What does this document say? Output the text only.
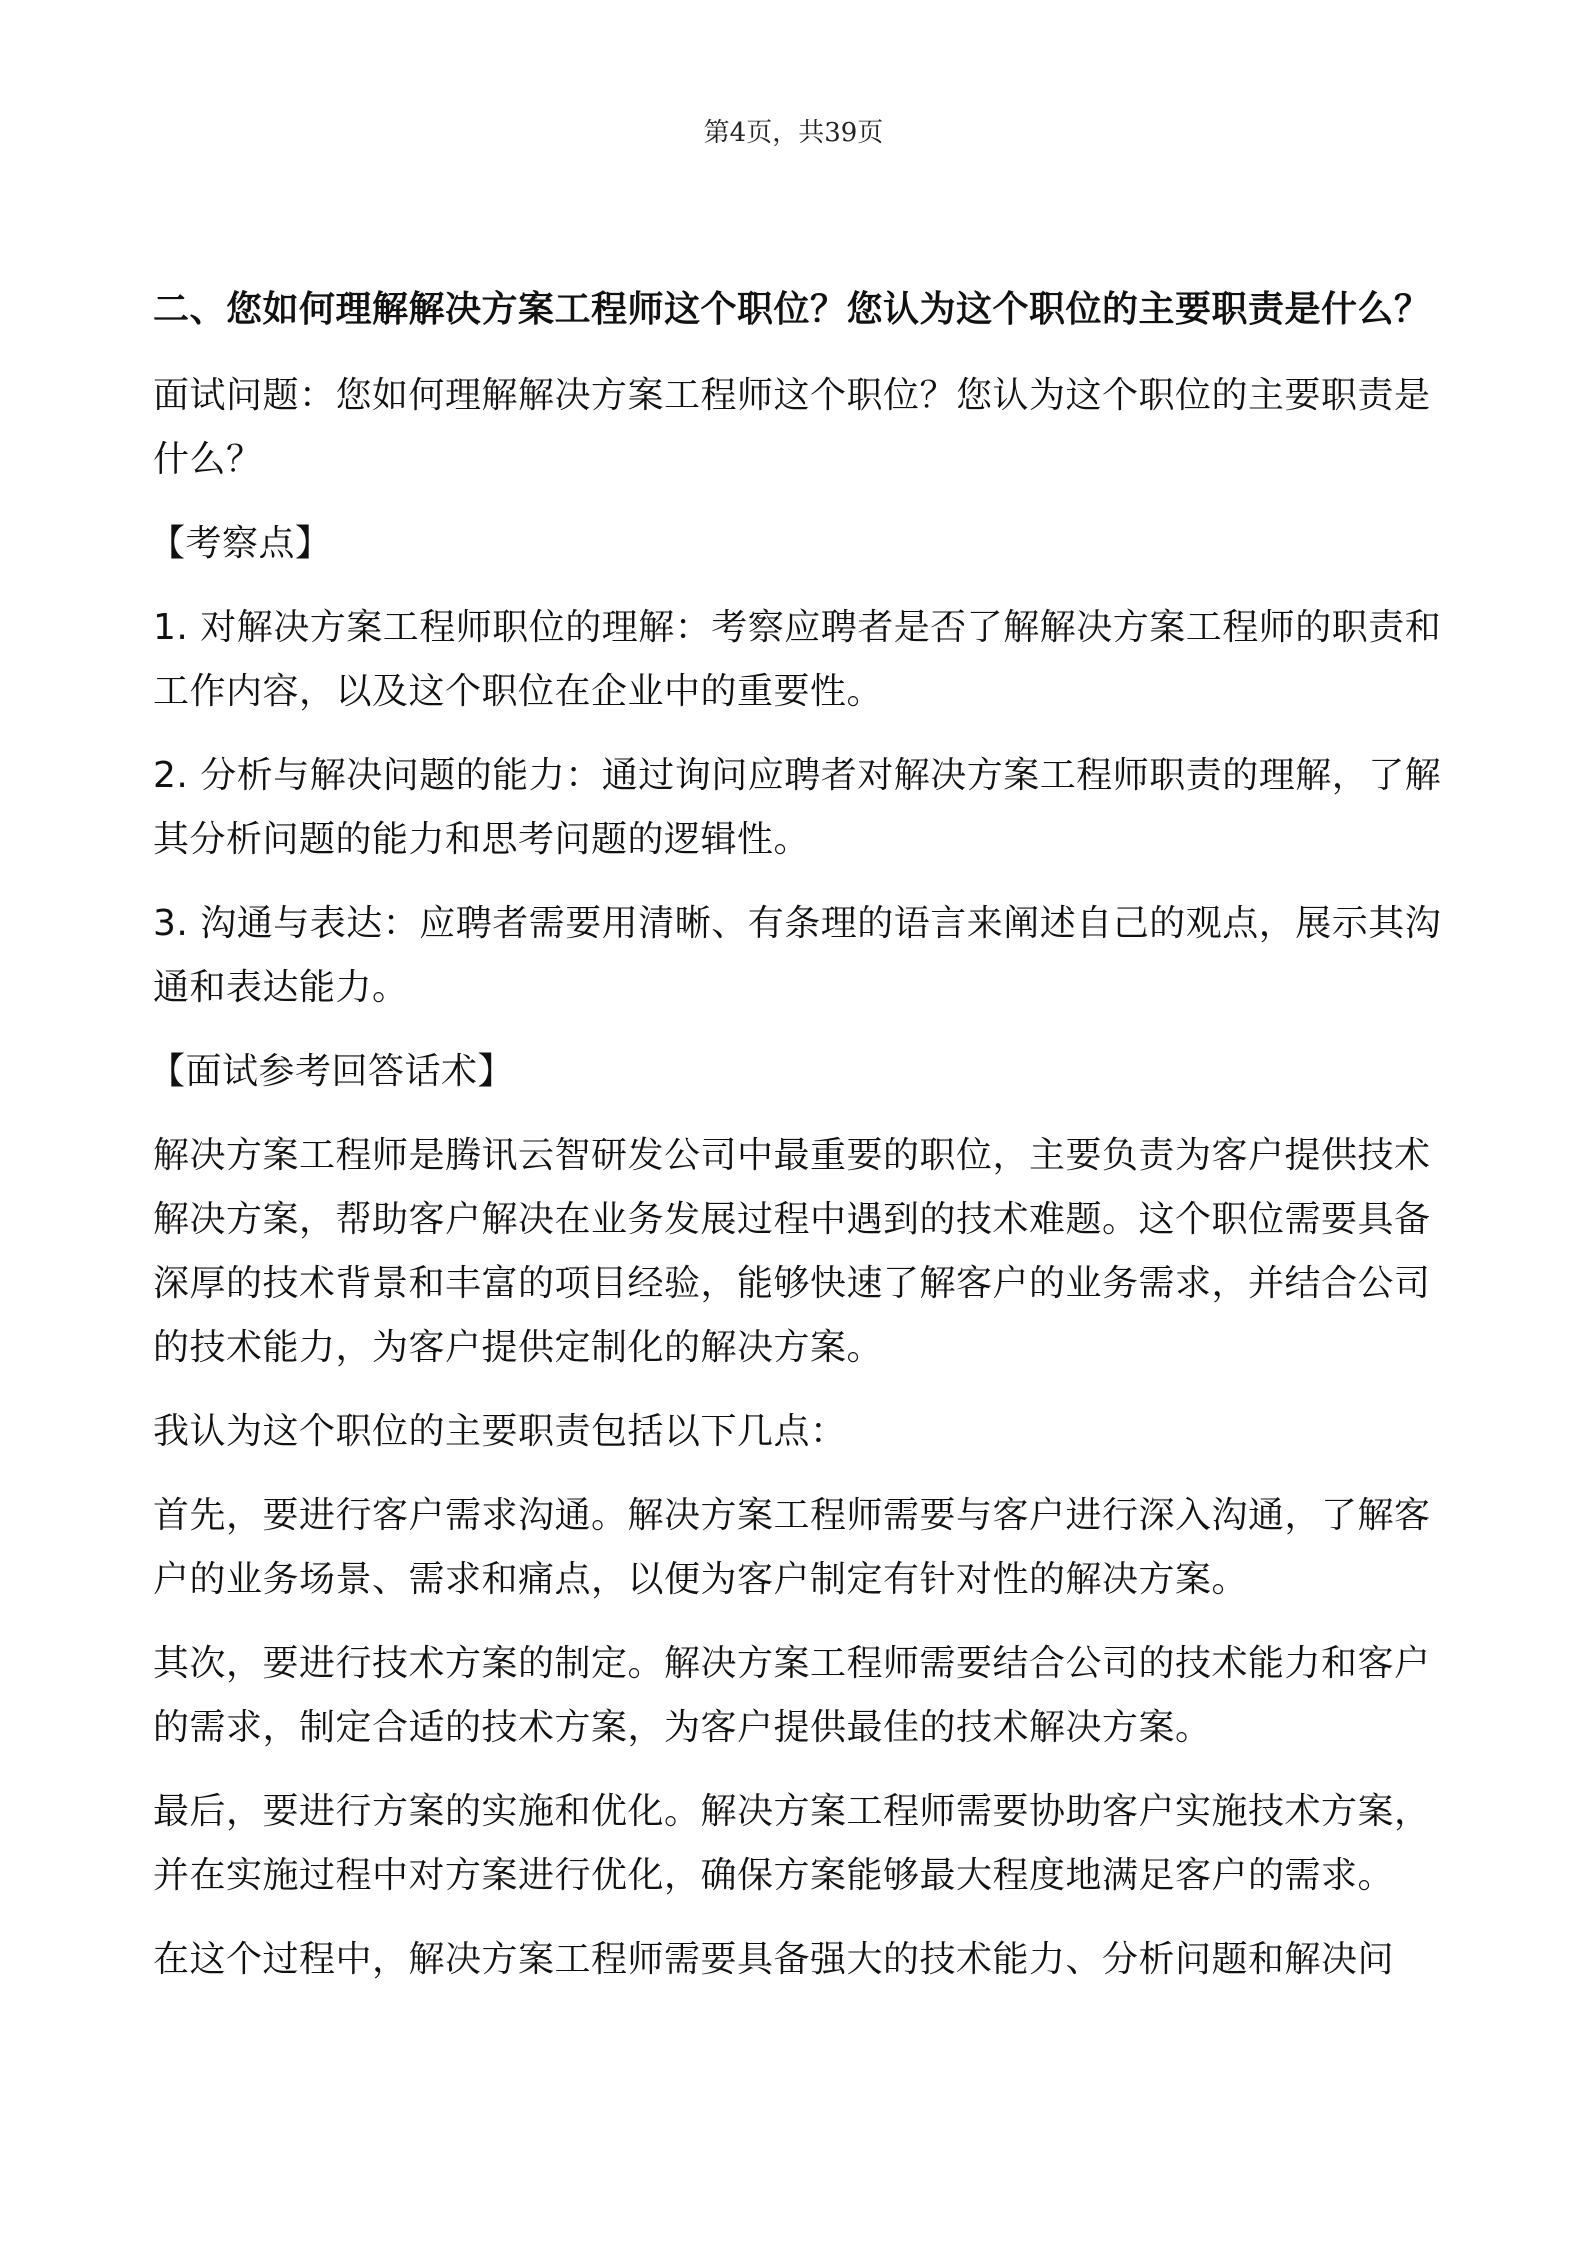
第4页，共39页
二、您如何理解解决方案工程师这个职位？您认为这个职位的主要职责是什么？

面试问题：您如何理解解决方案工程师这个职位？您认为这个职位的主要职责是什么？

【考察点】

1. 对解决方案工程师职位的理解：考察应聘者是否了解解决方案工程师的职责和工作内容，以及这个职位在企业中的重要性。

2. 分析与解决问题的能力：通过询问应聘者对解决方案工程师职责的理解，了解其分析问题的能力和思考问题的逻辑性。

3. 沟通与表达：应聘者需要用清晰、有条理的语言来阐述自己的观点，展示其沟通和表达能力。

【面试参考回答话术】

解决方案工程师是腾讯云智研发公司中最重要的职位，主要负责为客户提供技术解决方案，帮助客户解决在业务发展过程中遇到的技术难题。这个职位需要具备深厚的技术背景和丰富的项目经验，能够快速了解客户的业务需求，并结合公司的技术能力，为客户提供定制化的解决方案。

我认为这个职位的主要职责包括以下几点：

首先，要进行客户需求沟通。解决方案工程师需要与客户进行深入沟通，了解客户的业务场景、需求和痛点，以便为客户制定有针对性的解决方案。

其次，要进行技术方案的制定。解决方案工程师需要结合公司的技术能力和客户的需求，制定合适的技术方案，为客户提供最佳的技术解决方案。

最后，要进行方案的实施和优化。解决方案工程师需要协助客户实施技术方案，并在实施过程中对方案进行优化，确保方案能够最大程度地满足客户的需求。

在这个过程中，解决方案工程师需要具备强大的技术能力、分析问题和解决问
